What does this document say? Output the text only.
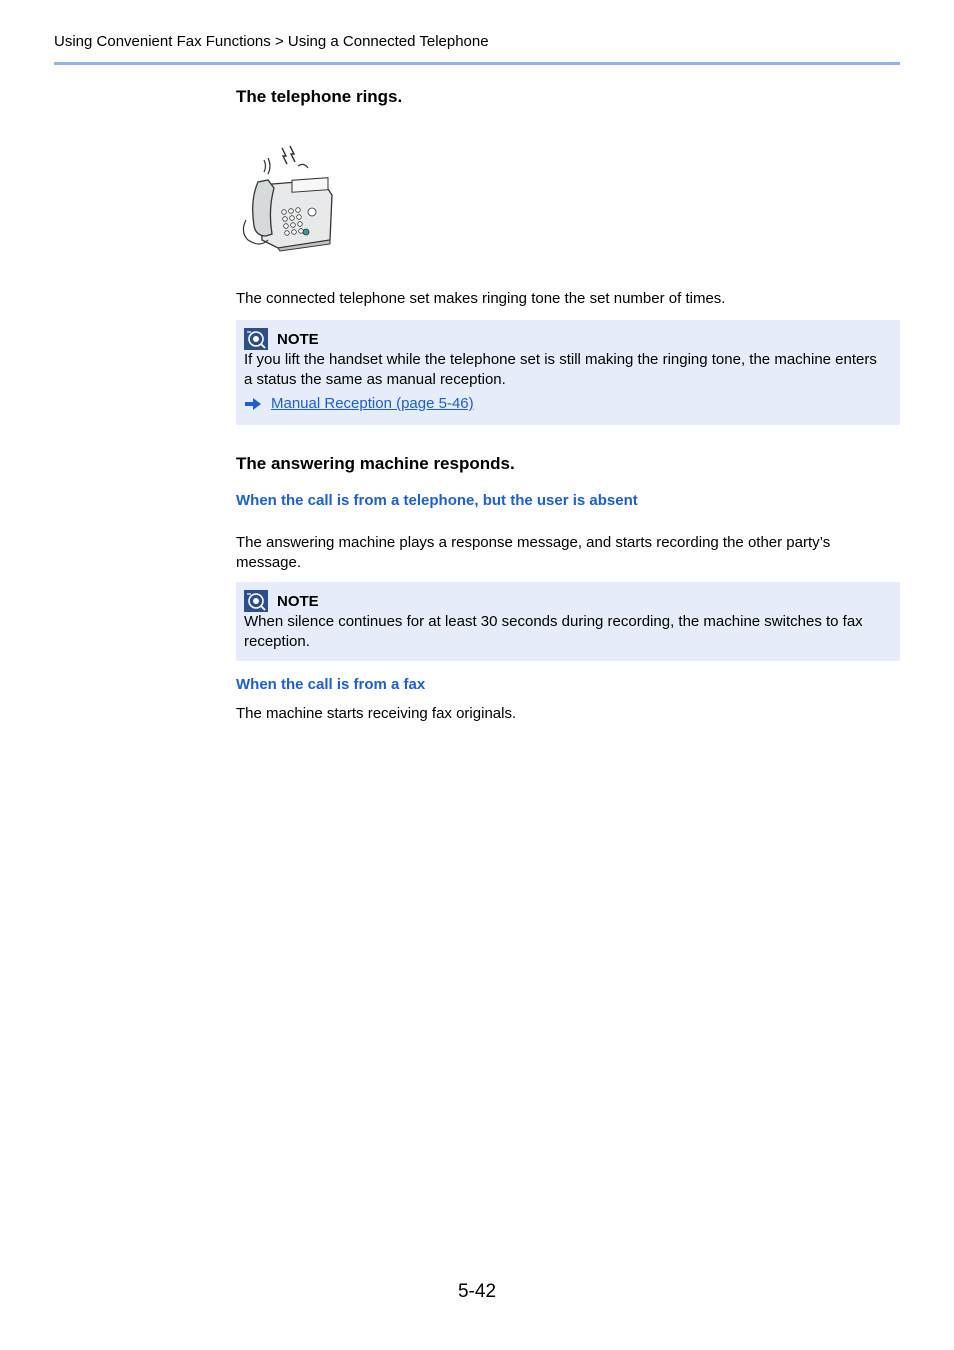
Using Convenient Fax Functions > Using a Connected Telephone
The telephone rings.
The connected telephone set makes ringing tone the set number of times.
NOTE
If you lift the handset while the telephone set is still making the ringing tone, the machine enters a status the same as manual reception.
Manual Reception (page 5-46)
The answering machine responds.
When the call is from a telephone, but the user is absent
The answering machine plays a response message, and starts recording the other party’s message.
NOTE
When silence continues for at least 30 seconds during recording, the machine switches to fax reception.
When the call is from a fax
The machine starts receiving fax originals.
5-42
